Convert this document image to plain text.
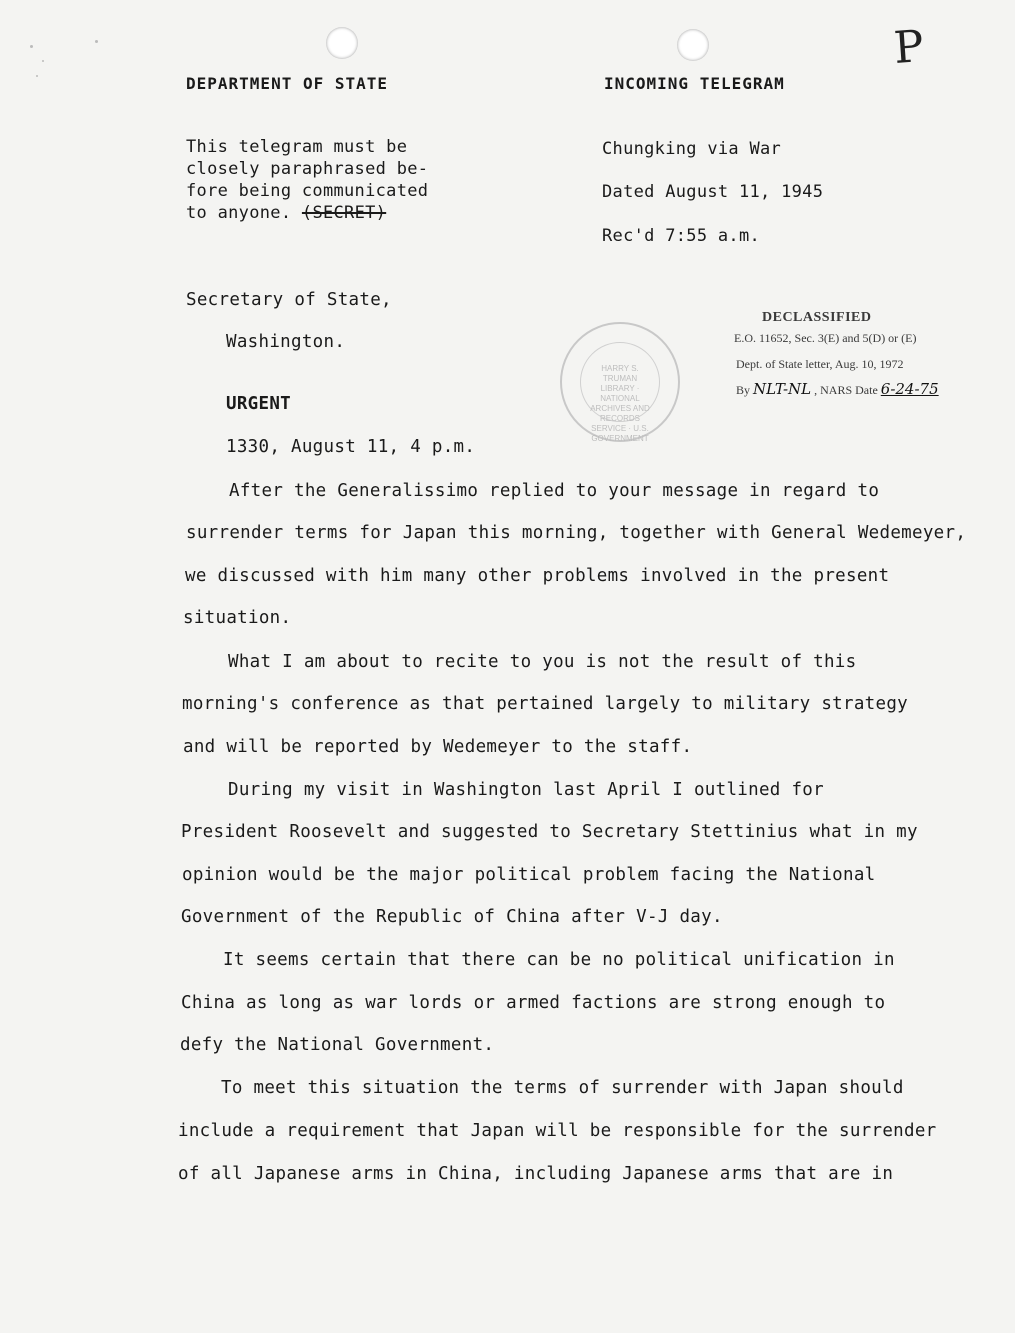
DEPARTMENT OF STATE	INCOMING TELEGRAM
P
This telegram must be
closely paraphrased be-
fore being communicated
to anyone. (SECRET)
Chungking via War
Dated August 11, 1945
Rec'd 7:55 a.m.
Secretary of State,
Washington.
HARRY S. TRUMAN LIBRARY · NATIONAL ARCHIVES AND RECORDS SERVICE · U.S. GOVERNMENT
DECLASSIFIED
E.O. 11652, Sec. 3(E) and 5(D) or (E)
Dept. of State letter, Aug. 10, 1972
By NLT-NL , NARS Date 6-24-75
URGENT
1330, August 11, 4 p.m.
After the Generalissimo replied to your message in regard to
surrender terms for Japan this morning, together with General Wedemeyer,
we discussed with him many other problems involved in the present
situation.
What I am about to recite to you is not the result of this
morning's conference as that pertained largely to military strategy
and will be reported by Wedemeyer to the staff.
During my visit in Washington last April I outlined for
President Roosevelt and suggested to Secretary Stettinius what in my
opinion would be the major political problem facing the National
Government of the Republic of China after V-J day.
It seems certain that there can be no political unification in
China as long as war lords or armed factions are strong enough to
defy the National Government.
To meet this situation the terms of surrender with Japan should
include a requirement that Japan will be responsible for the surrender
of all Japanese arms in China, including Japanese arms that are in
